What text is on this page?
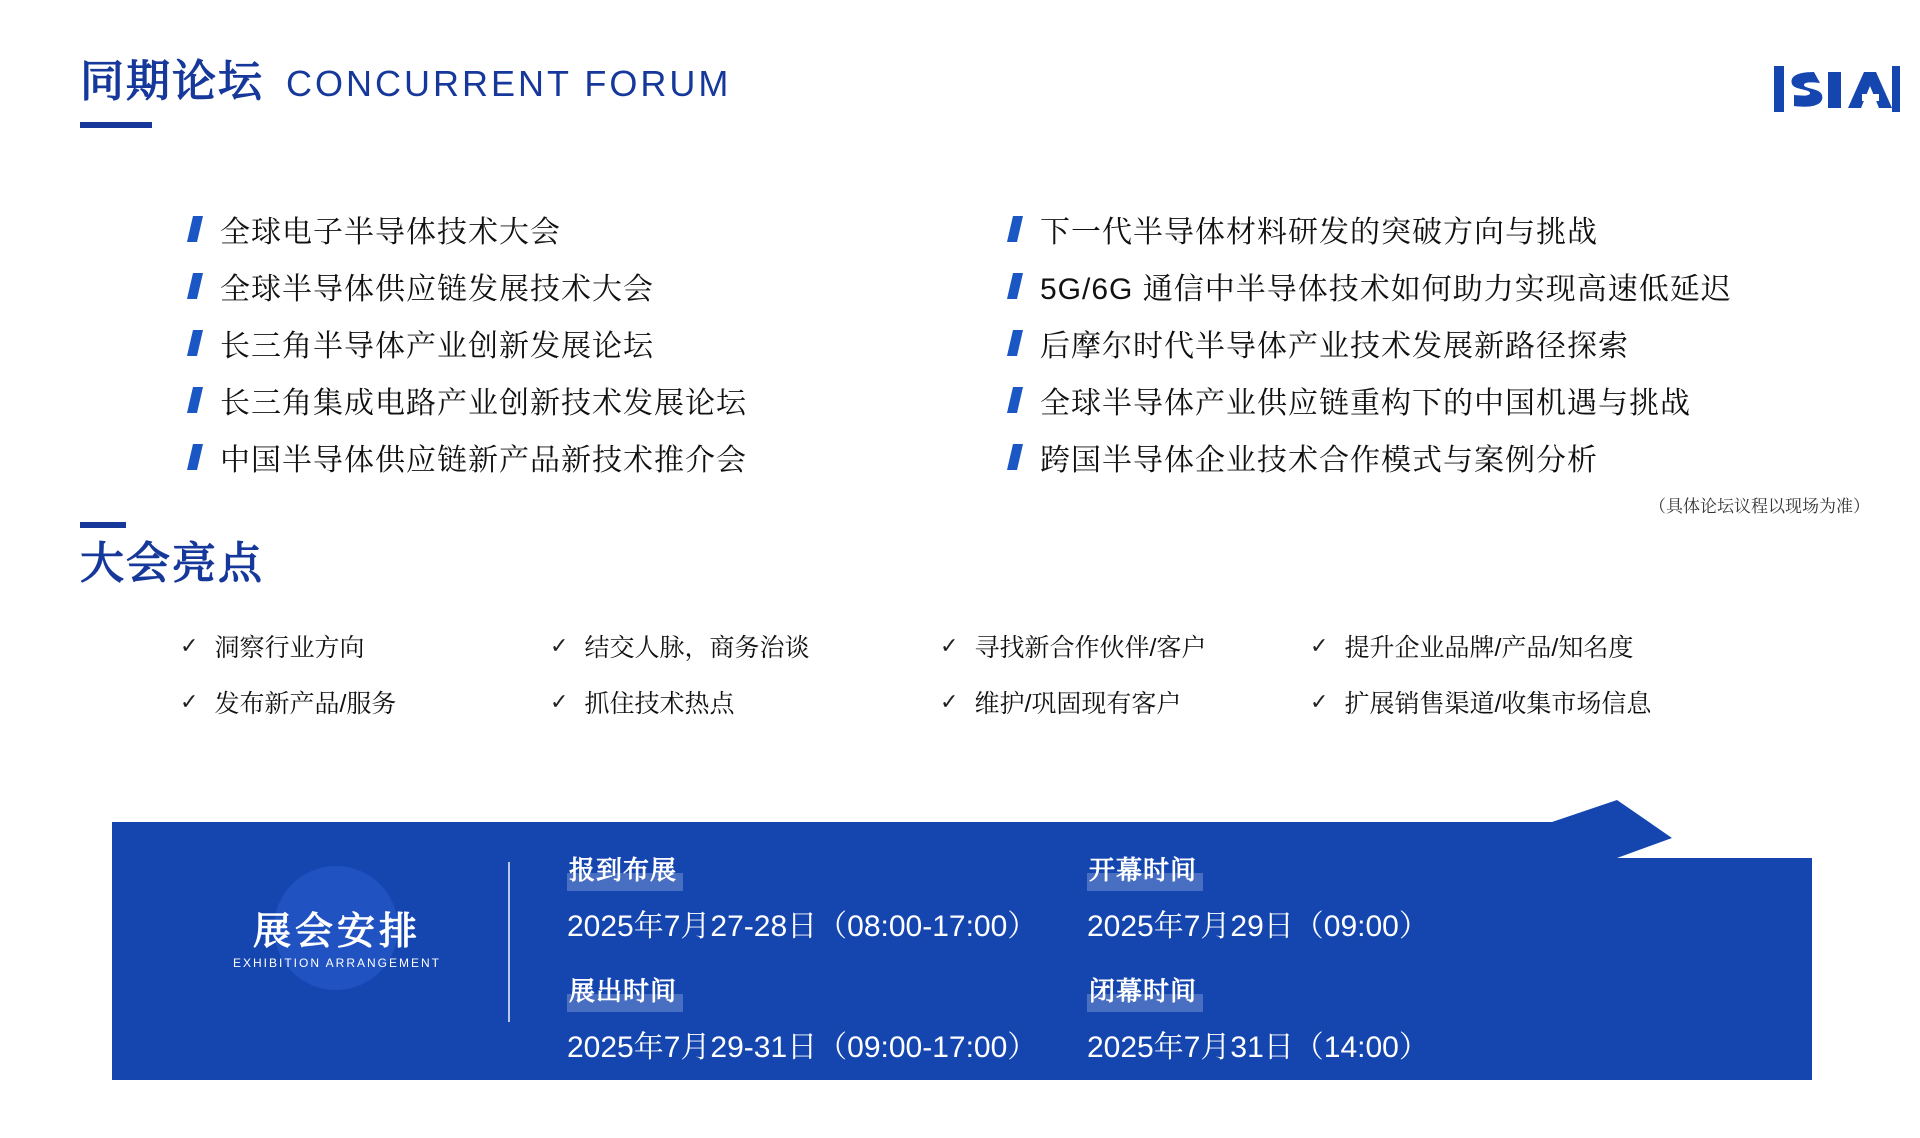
同期论坛 CONCURRENT FORUM
全球电子半导体技术大会
全球半导体供应链发展技术大会
长三角半导体产业创新发展论坛
长三角集成电路产业创新技术发展论坛
中国半导体供应链新产品新技术推介会
下一代半导体材料研发的突破方向与挑战
5G/6G 通信中半导体技术如何助力实现高速低延迟
后摩尔时代半导体产业技术发展新路径探索
全球半导体产业供应链重构下的中国机遇与挑战
跨国半导体企业技术合作模式与案例分析
（具体论坛议程以现场为准）
大会亮点
✓ 洞察行业方向	✓ 结交人脉，商务治谈	✓ 寻找新合作伙伴/客户	✓ 提升企业品牌/产品/知名度
✓ 发布新产品/服务	✓ 抓住技术热点	✓ 维护/巩固现有客户	✓ 扩展销售渠道/收集市场信息
展会安排
EXHIBITION ARRANGEMENT
报到布展
2025年7月27-28日（08:00-17:00）
展出时间
2025年7月29-31日（09:00-17:00）
开幕时间
2025年7月29日（09:00）
闭幕时间
2025年7月31日（14:00）
